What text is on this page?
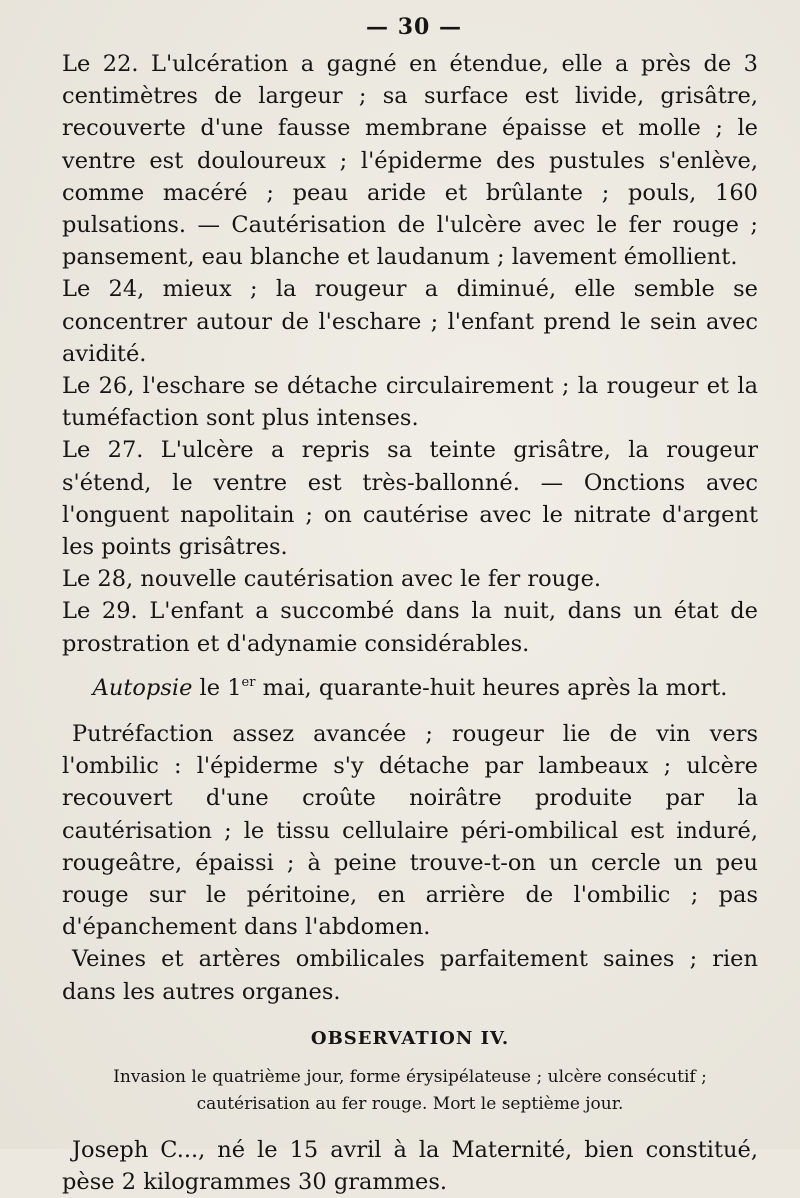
— 30 —

Le 22. L'ulcération a gagné en étendue, elle a près de 3 centimètres de largeur ; sa surface est livide, grisâtre, recouverte d'une fausse membrane épaisse et molle ; le ventre est douloureux ; l'épiderme des pustules s'enlève, comme macéré ; peau aride et brûlante ; pouls, 160 pulsations. — Cautérisation de l'ulcère avec le fer rouge ; pansement, eau blanche et laudanum ; lavement émollient.

Le 24, mieux ; la rougeur a diminué, elle semble se concentrer autour de l'eschare ; l'enfant prend le sein avec avidité.

Le 26, l'eschare se détache circulairement ; la rougeur et la tuméfaction sont plus intenses.

Le 27. L'ulcère a repris sa teinte grisâtre, la rougeur s'étend, le ventre est très-ballonné. — Onctions avec l'onguent napolitain ; on cautérise avec le nitrate d'argent les points grisâtres.

Le 28, nouvelle cautérisation avec le fer rouge.

Le 29. L'enfant a succombé dans la nuit, dans un état de prostration et d'adynamie considérables.

Autopsie le 1er mai, quarante-huit heures après la mort.

Putréfaction assez avancée ; rougeur lie de vin vers l'ombilic : l'épiderme s'y détache par lambeaux ; ulcère recouvert d'une croûte noirâtre produite par la cautérisation ; le tissu cellulaire péri-ombilical est induré, rougeâtre, épaissi ; à peine trouve-t-on un cercle un peu rouge sur le péritoine, en arrière de l'ombilic ; pas d'épanchement dans l'abdomen.

Veines et artères ombilicales parfaitement saines ; rien dans les autres organes.

OBSERVATION IV.
Invasion le quatrième jour, forme érysipélateuse ; ulcère consécutif ; cautérisation au fer rouge. Mort le septième jour.

Joseph C..., né le 15 avril à la Maternité, bien constitué, pèse 2 kilogrammes 30 grammes.
